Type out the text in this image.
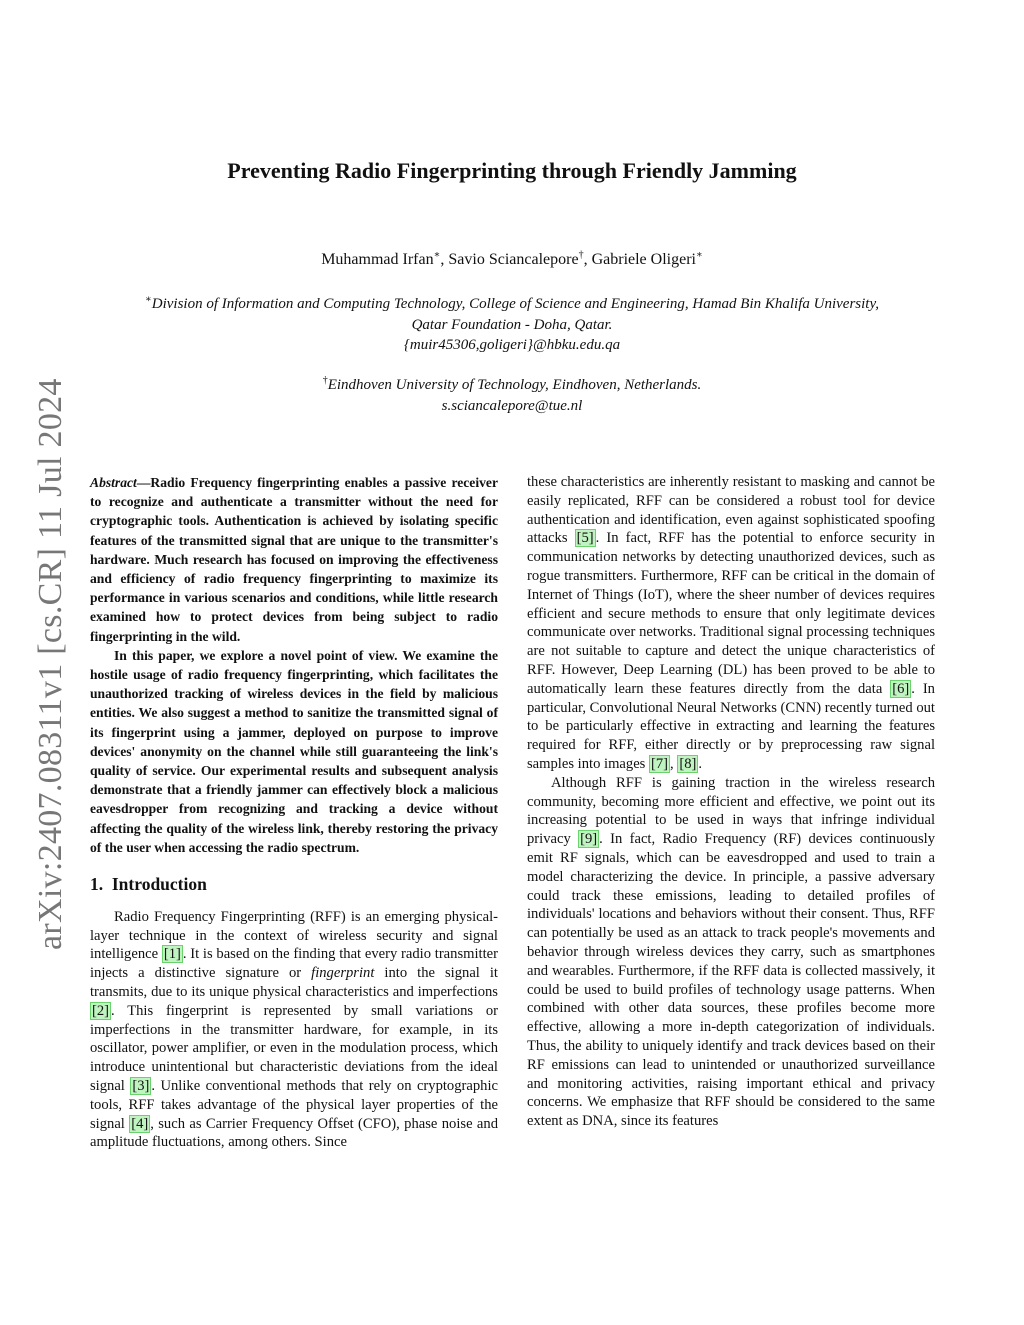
arXiv:2407.08311v1 [cs.CR] 11 Jul 2024
Preventing Radio Fingerprinting through Friendly Jamming
Muhammad Irfan∗, Savio Sciancalepore†, Gabriele Oligeri∗
∗Division of Information and Computing Technology, College of Science and Engineering, Hamad Bin Khalifa University,
Qatar Foundation - Doha, Qatar.
{muir45306,goligeri}@hbku.edu.qa
†Eindhoven University of Technology, Eindhoven, Netherlands.
s.sciancalepore@tue.nl

Abstract—Radio Frequency fingerprinting enables a passive receiver to recognize and authenticate a transmitter without the need for cryptographic tools. Authentication is achieved by isolating specific features of the transmitted signal that are unique to the transmitter's hardware. Much research has focused on improving the effectiveness and efficiency of radio frequency fingerprinting to maximize its performance in various scenarios and conditions, while little research examined how to protect devices from being subject to radio fingerprinting in the wild.

In this paper, we explore a novel point of view. We examine the hostile usage of radio frequency fingerprinting, which facilitates the unauthorized tracking of wireless devices in the field by malicious entities. We also suggest a method to sanitize the transmitted signal of its fingerprint using a jammer, deployed on purpose to improve devices' anonymity on the channel while still guaranteeing the link's quality of service. Our experimental results and subsequent analysis demonstrate that a friendly jammer can effectively block a malicious eavesdropper from recognizing and tracking a device without affecting the quality of the wireless link, thereby restoring the privacy of the user when accessing the radio spectrum.

1. Introduction

Radio Frequency Fingerprinting (RFF) is an emerging physical-layer technique in the context of wireless security and signal intelligence [1] . It is based on the finding that every radio transmitter injects a distinctive signature or fingerprint into the signal it transmits, due to its unique physical characteristics and imperfections [2] . This fingerprint is represented by small variations or imperfections in the transmitter hardware, for example, in its oscillator, power amplifier, or even in the modulation process, which introduce unintentional but characteristic deviations from the ideal signal [3] . Unlike conventional methods that rely on cryptographic tools, RFF takes advantage of the physical layer properties of the signal [4] , such as Carrier Frequency Offset (CFO), phase noise and amplitude fluctuations, among others. Since

these characteristics are inherently resistant to masking and cannot be easily replicated, RFF can be considered a robust tool for device authentication and identification, even against sophisticated spoofing attacks [5] . In fact, RFF has the potential to enforce security in communication networks by detecting unauthorized devices, such as rogue transmitters. Furthermore, RFF can be critical in the domain of Internet of Things (IoT), where the sheer number of devices requires efficient and secure methods to ensure that only legitimate devices communicate over networks. Traditional signal processing techniques are not suitable to capture and detect the unique characteristics of RFF. However, Deep Learning (DL) has been proved to be able to automatically learn these features directly from the data [6] . In particular, Convolutional Neural Networks (CNN) recently turned out to be particularly effective in extracting and learning the features required for RFF, either directly or by preprocessing raw signal samples into images [7] , [8] .

Although RFF is gaining traction in the wireless research community, becoming more efficient and effective, we point out its increasing potential to be used in ways that infringe individual privacy [9] . In fact, Radio Frequency (RF) devices continuously emit RF signals, which can be eavesdropped and used to train a model characterizing the device. In principle, a passive adversary could track these emissions, leading to detailed profiles of individuals' locations and behaviors without their consent. Thus, RFF can potentially be used as an attack to track people's movements and behavior through wireless devices they carry, such as smartphones and wearables. Furthermore, if the RFF data is collected massively, it could be used to build profiles of technology usage patterns. When combined with other data sources, these profiles become more effective, allowing a more in-depth categorization of individuals. Thus, the ability to uniquely identify and track devices based on their RF emissions can lead to unintended or unauthorized surveillance and monitoring activities, raising important ethical and privacy concerns. We emphasize that RFF should be considered to the same extent as DNA, since its features
